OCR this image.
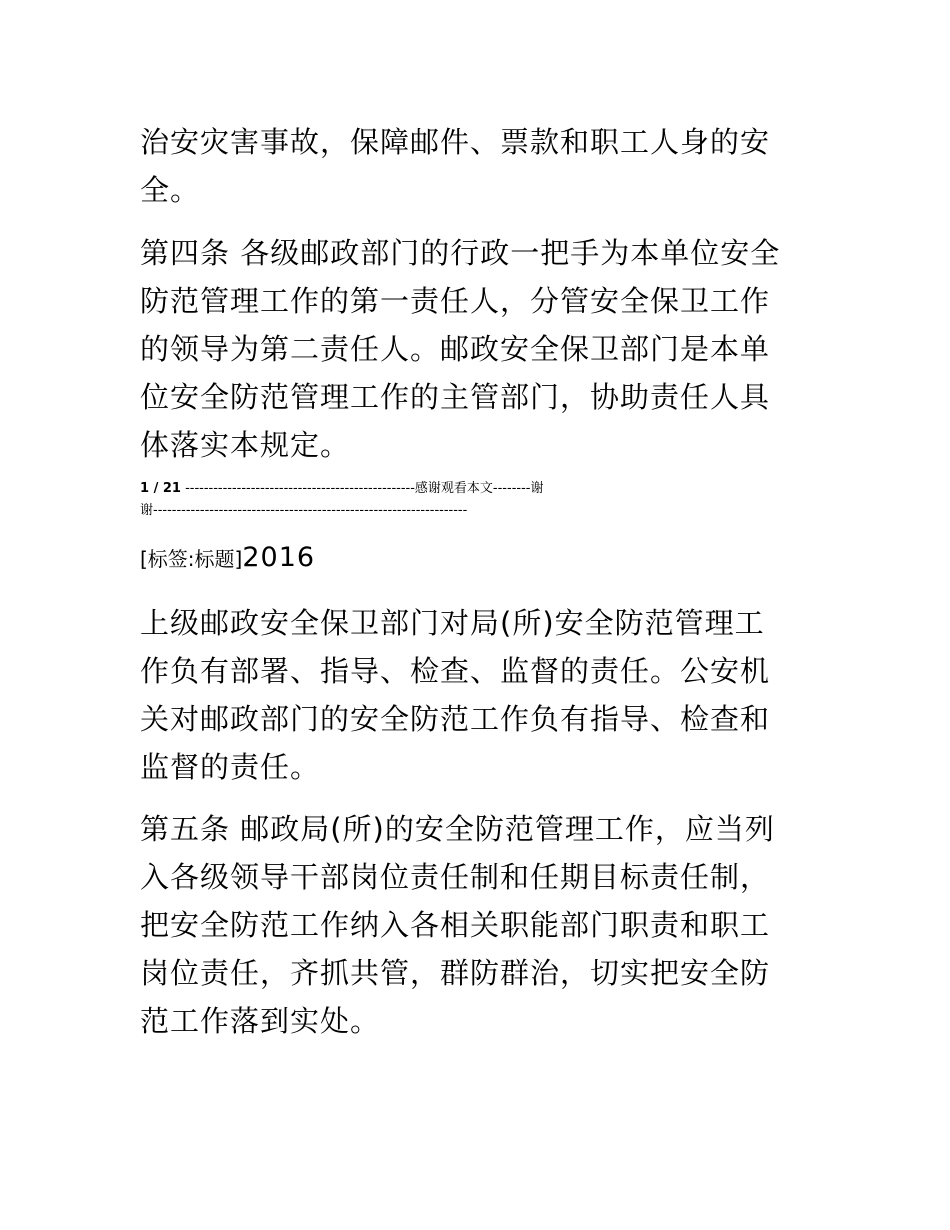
治安灾害事故，保障邮件、票款和职工人身的安
全。

第四条 各级邮政部门的行政一把手为本单位安全
防范管理工作的第一责任人，分管安全保卫工作
的领导为第二责任人。邮政安全保卫部门是本单
位安全防范管理工作的主管部门，协助责任人具
体落实本规定。

1 / 21 -------------------------------------------------感谢观看本文--------谢
谢-------------------------------------------------------------------
[标签:标题]2016

上级邮政安全保卫部门对局(所)安全防范管理工
作负有部署、指导、检查、监督的责任。公安机
关对邮政部门的安全防范工作负有指导、检查和
监督的责任。

第五条 邮政局(所)的安全防范管理工作，应当列
入各级领导干部岗位责任制和任期目标责任制，
把安全防范工作纳入各相关职能部门职责和职工
岗位责任，齐抓共管，群防群治，切实把安全防
范工作落到实处。
